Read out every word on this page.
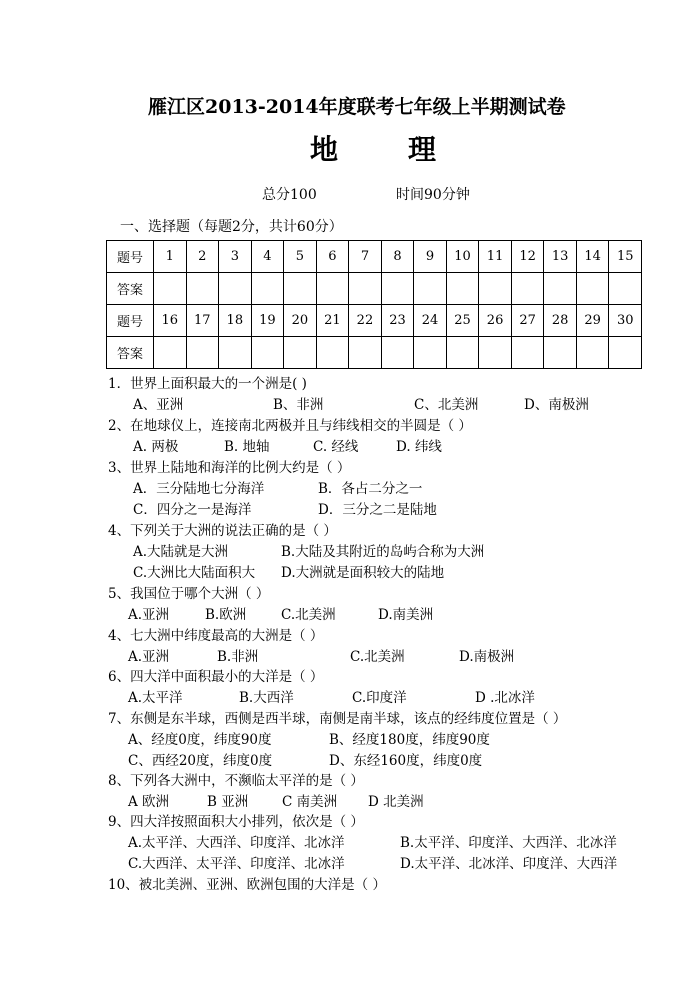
雁江区2013-2014年度联考七年级上半期测试卷
地	理
总分100	时间90分钟
一、选择题（每题2分，共计60分）
题号	1	2	3	4	5	6	7	8	9	10	11	12	13	14	15
答案															
题号	16	17	18	19	20	21	22	23	24	25	26	27	28	29	30
答案															
1．世界上面积最大的一个洲是( )
A、亚洲	B、非洲	C、北美洲	D、南极洲
2、在地球仪上，连接南北两极并且与纬线相交的半圆是（ ）
A. 两极	B. 地轴	C. 经线	D. 纬线
3、世界上陆地和海洋的比例大约是（ ）
A．三分陆地七分海洋	B．各占二分之一
C．四分之一是海洋	D．三分之二是陆地
4、下列关于大洲的说法正确的是（ ）
A.大陆就是大洲	B.大陆及其附近的岛屿合称为大洲
C.大洲比大陆面积大 D.大洲就是面积较大的陆地
5、我国位于哪个大洲（ ）
A.亚洲	B.欧洲	C.北美洲	D.南美洲
4、七大洲中纬度最高的大洲是（ ）
A.亚洲	B.非洲	C.北美洲	D.南极洲
6、四大洋中面积最小的大洋是（ ）
A.太平洋	B.大西洋	C.印度洋	D .北冰洋
7、东侧是东半球，西侧是西半球，南侧是南半球，该点的经纬度位置是（ ）
A、经度0度，纬度90度	B、经度180度，纬度90度
C、西经20度，纬度0度	D、东经160度，纬度0度
8、下列各大洲中，不濒临太平洋的是（ ）
A 欧洲	B 亚洲	C 南美洲 D 北美洲
9、四大洋按照面积大小排列，依次是（ ）
A.太平洋、大西洋、印度洋、北冰洋	B.太平洋、印度洋、大西洋、北冰洋
C.大西洋、太平洋、印度洋、北冰洋	D.太平洋、北冰洋、印度洋、大西洋
10、被北美洲、亚洲、欧洲包围的大洋是（ ）
